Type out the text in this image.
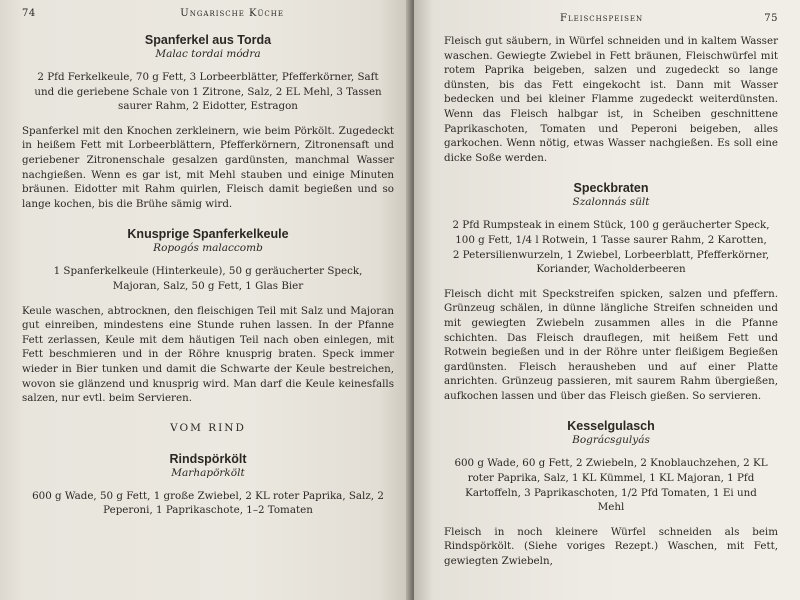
74	Ungarische Küche
Spanferkel aus Torda
Malac tordai módra

2 Pfd Ferkelkeule, 70 g Fett, 3 Lorbeerblätter, Pfefferkörner, Saft und die geriebene Schale von 1 Zitrone, Salz, 2 EL Mehl, 3 Tassen saurer Rahm, 2 Eidotter, Estragon

Spanferkel mit den Knochen zerkleinern, wie beim Pörkölt. Zugedeckt in heißem Fett mit Lorbeerblättern, Pfefferkörnern, Zitronensaft und geriebener Zitronenschale gesalzen gardünsten, manchmal Wasser nachgießen. Wenn es gar ist, mit Mehl stauben und einige Minuten bräunen. Eidotter mit Rahm quirlen, Fleisch damit begießen und so lange kochen, bis die Brühe sämig wird.

Knusprige Spanferkelkeule
Ropogós malaccomb

1 Spanferkelkeule (Hinterkeule), 50 g geräucherter Speck, Majoran, Salz, 50 g Fett, 1 Glas Bier

Keule waschen, abtrocknen, den fleischigen Teil mit Salz und Majoran gut einreiben, mindestens eine Stunde ruhen lassen. In der Pfanne Fett zerlassen, Keule mit dem häutigen Teil nach oben einlegen, mit Fett beschmieren und in der Röhre knusprig braten. Speck immer wieder in Bier tunken und damit die Schwarte der Keule bestreichen, wovon sie glänzend und knusprig wird. Man darf die Keule keinesfalls salzen, nur evtl. beim Servieren.

VOM RIND
Rindspörkölt
Marhapörkölt

600 g Wade, 50 g Fett, 1 große Zwiebel, 2 KL roter Paprika, Salz, 2 Peperoni, 1 Paprikaschote, 1–2 Tomaten

Fleischspeisen	75

Fleisch gut säubern, in Würfel schneiden und in kaltem Wasser waschen. Gewiegte Zwiebel in Fett bräunen, Fleischwürfel mit rotem Paprika beigeben, salzen und zugedeckt so lange dünsten, bis das Fett eingekocht ist. Dann mit Wasser bedecken und bei kleiner Flamme zugedeckt weiterdünsten. Wenn das Fleisch halbgar ist, in Scheiben geschnittene Paprikaschoten, Tomaten und Peperoni beigeben, alles garkochen. Wenn nötig, etwas Wasser nachgießen. Es soll eine dicke Soße werden.

Speckbraten
Szalonnás sült

2 Pfd Rumpsteak in einem Stück, 100 g geräucherter Speck, 100 g Fett, 1/4 l Rotwein, 1 Tasse saurer Rahm, 2 Karotten, 2 Petersilienwurzeln, 1 Zwiebel, Lorbeerblatt, Pfefferkörner, Koriander, Wacholderbeeren

Fleisch dicht mit Speckstreifen spicken, salzen und pfeffern. Grünzeug schälen, in dünne längliche Streifen schneiden und mit gewiegten Zwiebeln zusammen alles in die Pfanne schichten. Das Fleisch drauflegen, mit heißem Fett und Rotwein begießen und in der Röhre unter fleißigem Begießen gardünsten. Fleisch herausheben und auf einer Platte anrichten. Grünzeug passieren, mit saurem Rahm übergießen, aufkochen lassen und über das Fleisch gießen. So servieren.

Kesselgulasch
Bográcsgulyás

600 g Wade, 60 g Fett, 2 Zwiebeln, 2 Knoblauchzehen, 2 KL roter Paprika, Salz, 1 KL Kümmel, 1 KL Majoran, 1 Pfd Kartoffeln, 3 Paprikaschoten, 1/2 Pfd Tomaten, 1 Ei und Mehl

Fleisch in noch kleinere Würfel schneiden als beim Rindspörkölt. (Siehe voriges Rezept.) Waschen, mit Fett, gewiegten Zwiebeln,
